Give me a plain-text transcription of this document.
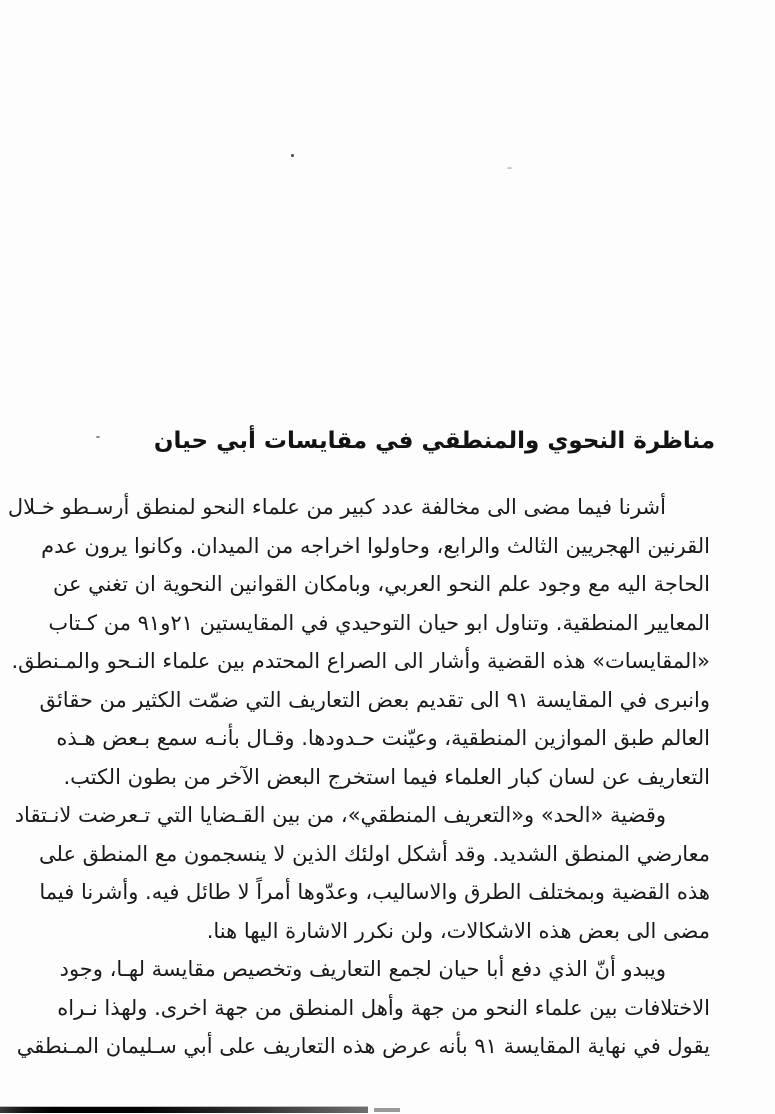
مناظرة النحوي والمنطقي في مقايسات أبي حيان
أشرنا فيما مضى الى مخالفة عدد كبير من علماء النحو لمنطق أرسـطو خـلال
القرنين الهجريين الثالث والرابع، وحاولوا اخراجه من الميدان. وكانوا يرون عدم
الحاجة اليه مع وجود علم النحو العربي، وبامكان القوانين النحوية ان تغني عن
المعايير المنطقية. وتناول ابو حيان التوحيدي في المقايستين ٢١و٩١ من كـتاب
«المقايسات» هذه القضية وأشار الى الصراع المحتدم بين علماء النـحو والمـنطق.
وانبرى في المقايسة ٩١ الى تقديم بعض التعاريف التي ضمّت الكثير من حقائق
العالم طبق الموازين المنطقية، وعيّنت حـدودها. وقـال بأنـه سمع بـعض هـذه
التعاريف عن لسان كبار العلماء فيما استخرج البعض الآخر من بطون الكتب.
وقضية «الحد» و«التعريف المنطقي»، من بين القـضايا التي تـعرضت لانـتقاد
معارضي المنطق الشديد. وقد أشكل اولئك الذين لا ينسجمون مع المنطق على
هذه القضية وبمختلف الطرق والاساليب، وعدّوها أمراً لا طائل فيه. وأشرنا فيما
مضى الى بعض هذه الاشكالات، ولن نكرر الاشارة اليها هنا.
ويبدو أنّ الذي دفع أبا حيان لجمع التعاريف وتخصيص مقايسة لهـا، وجود
الاختلافات بين علماء النحو من جهة وأهل المنطق من جهة اخرى. ولهذا نـراه
يقول في نهاية المقايسة ٩١ بأنه عرض هذه التعاريف على أبي سـليمان المـنطقي
